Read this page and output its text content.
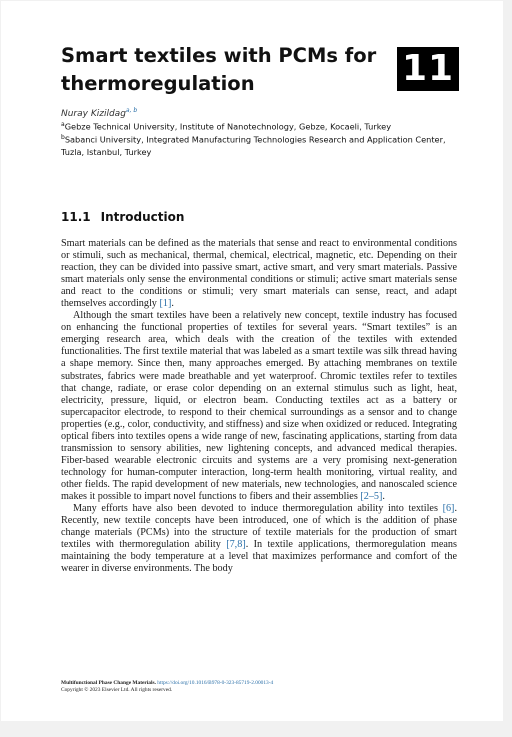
Smart textiles with PCMs for thermoregulation	11
Nuray Kizildag$^{a, b}$
$^a$Gebze Technical University, Institute of Nanotechnology, Gebze, Kocaeli, Turkey
$^b$Sabanci University, Integrated Manufacturing Technologies Research and Application Center, Tuzla, Istanbul, Turkey
11.1 Introduction

Smart materials can be defined as the materials that sense and react to environmental conditions or stimuli, such as mechanical, thermal, chemical, electrical, magnetic, etc. Depending on their reaction, they can be divided into passive smart, active smart, and very smart materials. Passive smart materials only sense the environmental conditions or stimuli; active smart materials sense and react to the conditions or stimuli; very smart materials can sense, react, and adapt themselves accordingly [1].

Although the smart textiles have been a relatively new concept, textile industry has focused on enhancing the functional properties of textiles for several years. “Smart textiles” is an emerging research area, which deals with the creation of the textiles with extended functionalities. The first textile material that was labeled as a smart textile was silk thread having a shape memory. Since then, many approaches emerged. By attaching membranes on textile substrates, fabrics were made breathable and yet waterproof. Chromic textiles refer to textiles that change, radiate, or erase color depending on an external stimulus such as light, heat, electricity, pressure, liquid, or electron beam. Conducting textiles act as a battery or supercapacitor electrode, to respond to their chemical surroundings as a sensor and to change properties (e.g., color, conductivity, and stiffness) and size when oxidized or reduced. Integrating optical fibers into textiles opens a wide range of new, fascinating applications, starting from data transmission to sensory abilities, new lightening concepts, and advanced medical therapies. Fiber-based wearable electronic circuits and systems are a very promising next-generation technology for human-computer interaction, long-term health monitoring, virtual reality, and other fields. The rapid development of new materials, new technologies, and nanoscaled science makes it possible to impart novel functions to fibers and their assemblies [2–5].

Many efforts have also been devoted to induce thermoregulation ability into textiles [6]. Recently, new textile concepts have been introduced, one of which is the addition of phase change materials (PCMs) into the structure of textile materials for the production of smart textiles with thermoregulation ability [7,8]. In textile applications, thermoregulation means maintaining the body temperature at a level that maximizes performance and comfort of the wearer in diverse environments. The body

Multifunctional Phase Change Materials. https://doi.org/10.1016/B978-0-323-85719-2.00013-4
Copyright © 2023 Elsevier Ltd. All rights reserved.
